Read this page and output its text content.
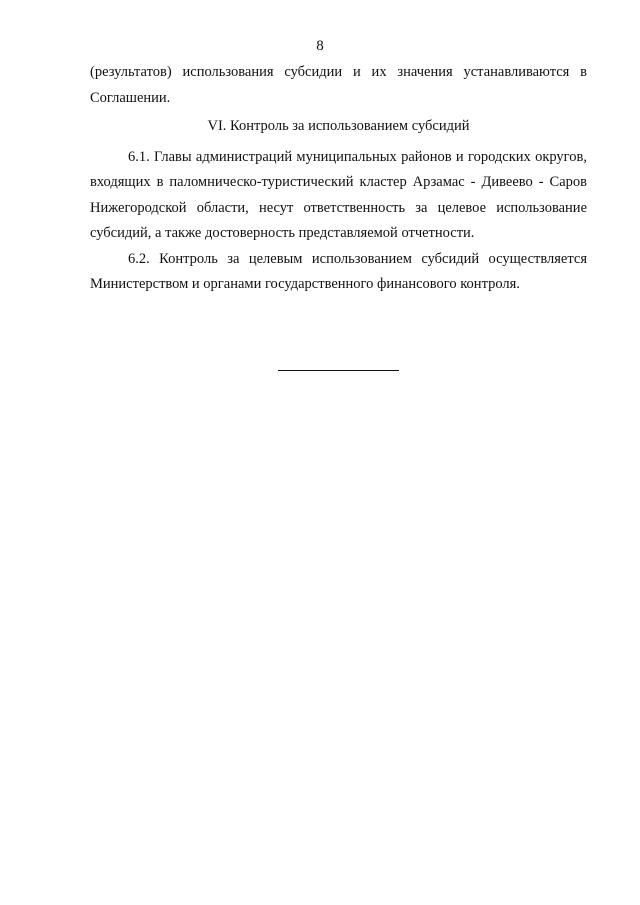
8

(результатов) использования субсидии и их значения устанавливаются в Соглашении.

VI. Контроль за использованием субсидий

6.1. Главы администраций муниципальных районов и городских округов, входящих в паломническо-туристический кластер Арзамас - Дивеево - Саров Нижегородской области, несут ответственность за целевое использование субсидий, а также достоверность представляемой отчетности.

6.2. Контроль за целевым использованием субсидий осуществляется Министерством и органами государственного финансового контроля.
